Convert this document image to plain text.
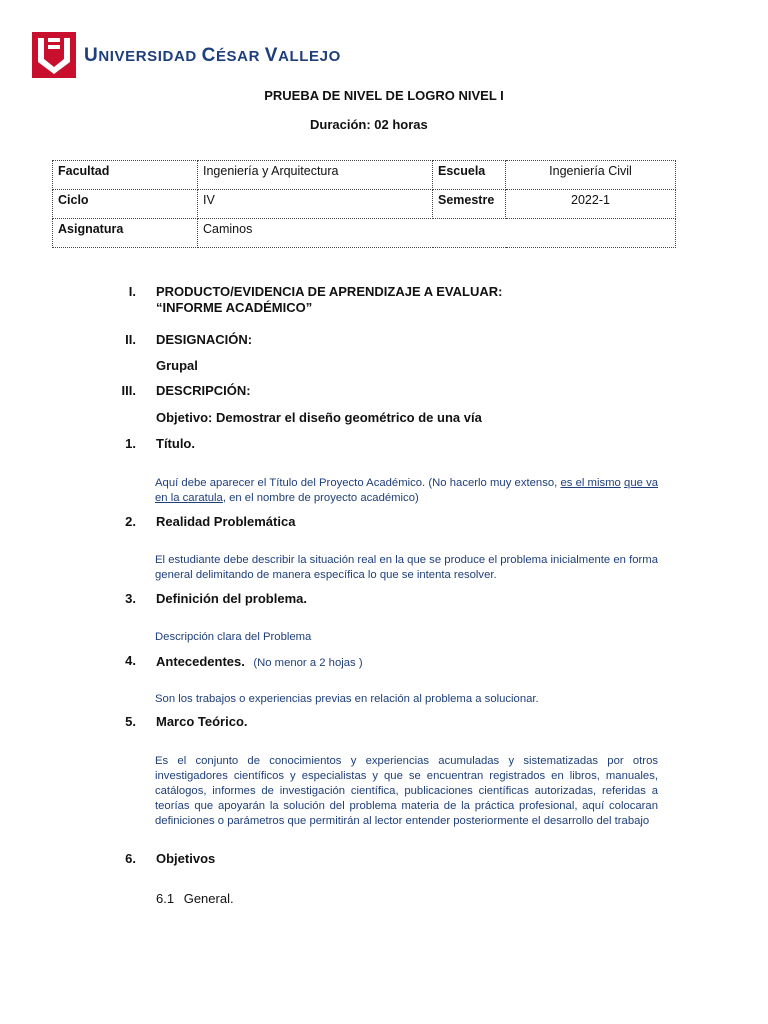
UNIVERSIDAD CÉSAR VALLEJO
PRUEBA DE NIVEL DE LOGRO NIVEL I
Duración: 02 horas
Facultad	Ingeniería y Arquitectura	Escuela	Ingeniería Civil
Ciclo	IV	Semestre	2022-1
Asignatura	Caminos		
I. PRODUCTO/EVIDENCIA DE APRENDIZAJE A EVALUAR:
“INFORME ACADÉMICO”
II. DESIGNACIÓN:
Grupal
III. DESCRIPCIÓN:
Objetivo: Demostrar el diseño geométrico de una vía
1. Título.
Aquí debe aparecer el Título del Proyecto Académico. (No hacerlo muy extenso, es el mismo que va en la caratula, en el nombre de proyecto académico)
2. Realidad Problemática
El estudiante debe describir la situación real en la que se produce el problema inicialmente en forma general delimitando de manera específica lo que se intenta resolver.
3. Definición del problema.
Descripción clara del Problema
4. Antecedentes. (No menor a 2 hojas )
Son los trabajos o experiencias previas en relación al problema a solucionar.
5. Marco Teórico.
Es el conjunto de conocimientos y experiencias acumuladas y sistematizadas por otros investigadores científicos y especialistas y que se encuentran registrados en libros, manuales, catálogos, informes de investigación científica, publicaciones científicas autorizadas, referidas a teorías que apoyarán la solución del problema materia de la práctica profesional, aquí colocaran definiciones o parámetros que permitirán al lector entender posteriormente el desarrollo del trabajo
6. Objetivos
6.1 General.
